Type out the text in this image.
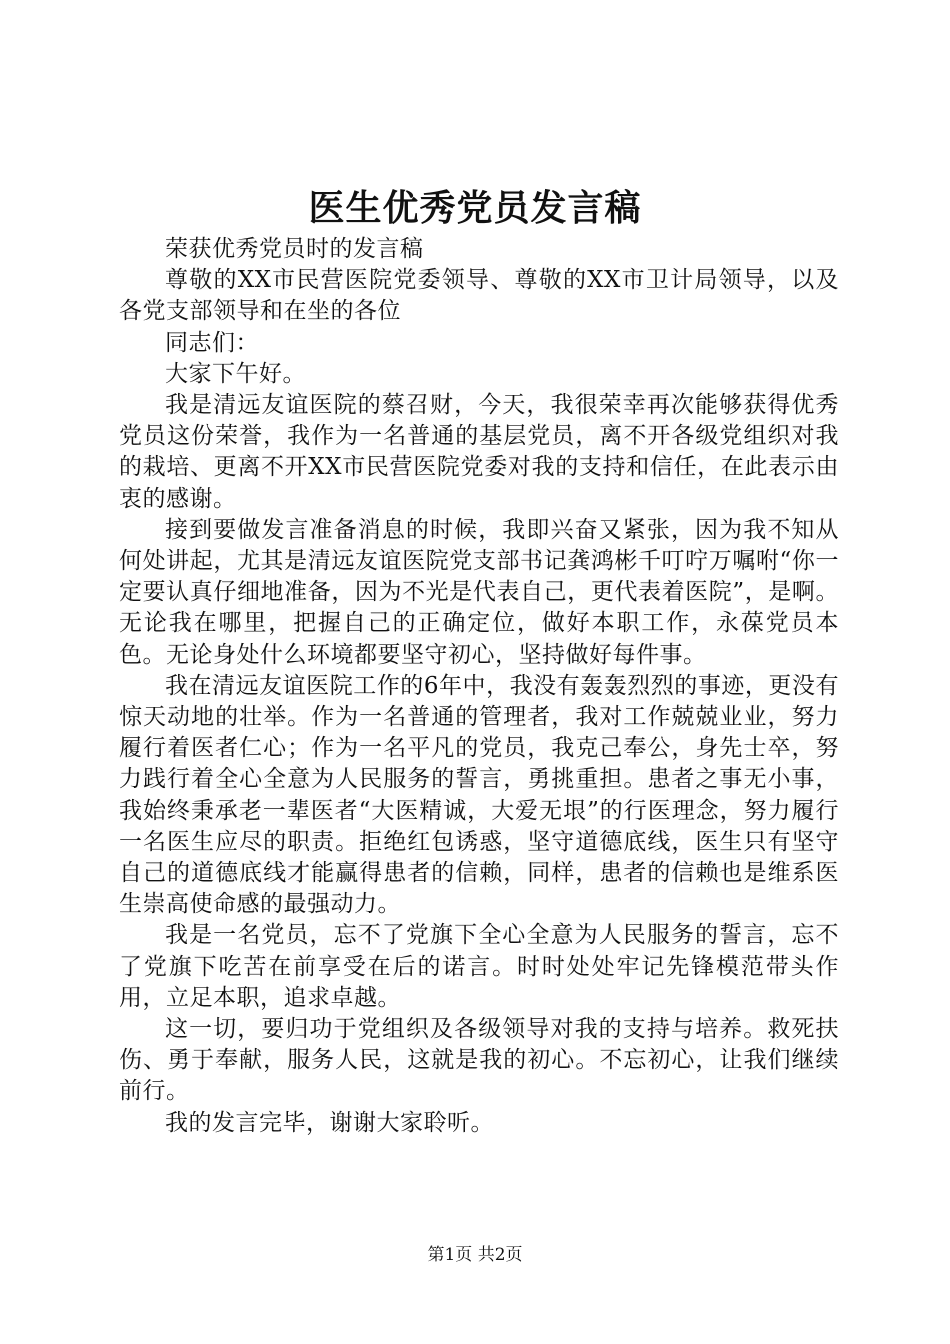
医生优秀党员发言稿

荣获优秀党员时的发言稿

尊敬的XX市民营医院党委领导、尊敬的XX市卫计局领导，以及各党支部领导和在坐的各位

同志们：

大家下午好。

我是清远友谊医院的蔡召财，今天，我很荣幸再次能够获得优秀党员这份荣誉，我作为一名普通的基层党员，离不开各级党组织对我的栽培、更离不开XX市民营医院党委对我的支持和信任，在此表示由衷的感谢。

接到要做发言准备消息的时候，我即兴奋又紧张，因为我不知从何处讲起，尤其是清远友谊医院党支部书记龚鸿彬千叮咛万嘱咐“你一定要认真仔细地准备，因为不光是代表自己，更代表着医院”，是啊。无论我在哪里，把握自己的正确定位，做好本职工作，永葆党员本色。无论身处什么环境都要坚守初心，坚持做好每件事。

我在清远友谊医院工作的6年中，我没有轰轰烈烈的事迹，更没有惊天动地的壮举。作为一名普通的管理者，我对工作兢兢业业，努力履行着医者仁心；作为一名平凡的党员，我克己奉公，身先士卒，努力践行着全心全意为人民服务的誓言，勇挑重担。患者之事无小事，我始终秉承老一辈医者“大医精诚，大爱无垠”的行医理念，努力履行一名医生应尽的职责。拒绝红包诱惑，坚守道德底线，医生只有坚守自己的道德底线才能赢得患者的信赖，同样，患者的信赖也是维系医生崇高使命感的最强动力。

我是一名党员，忘不了党旗下全心全意为人民服务的誓言，忘不了党旗下吃苦在前享受在后的诺言。时时处处牢记先锋模范带头作用，立足本职，追求卓越。

这一切，要归功于党组织及各级领导对我的支持与培养。救死扶伤、勇于奉献，服务人民，这就是我的初心。不忘初心，让我们继续前行。

我的发言完毕，谢谢大家聆听。

第1页 共2页
